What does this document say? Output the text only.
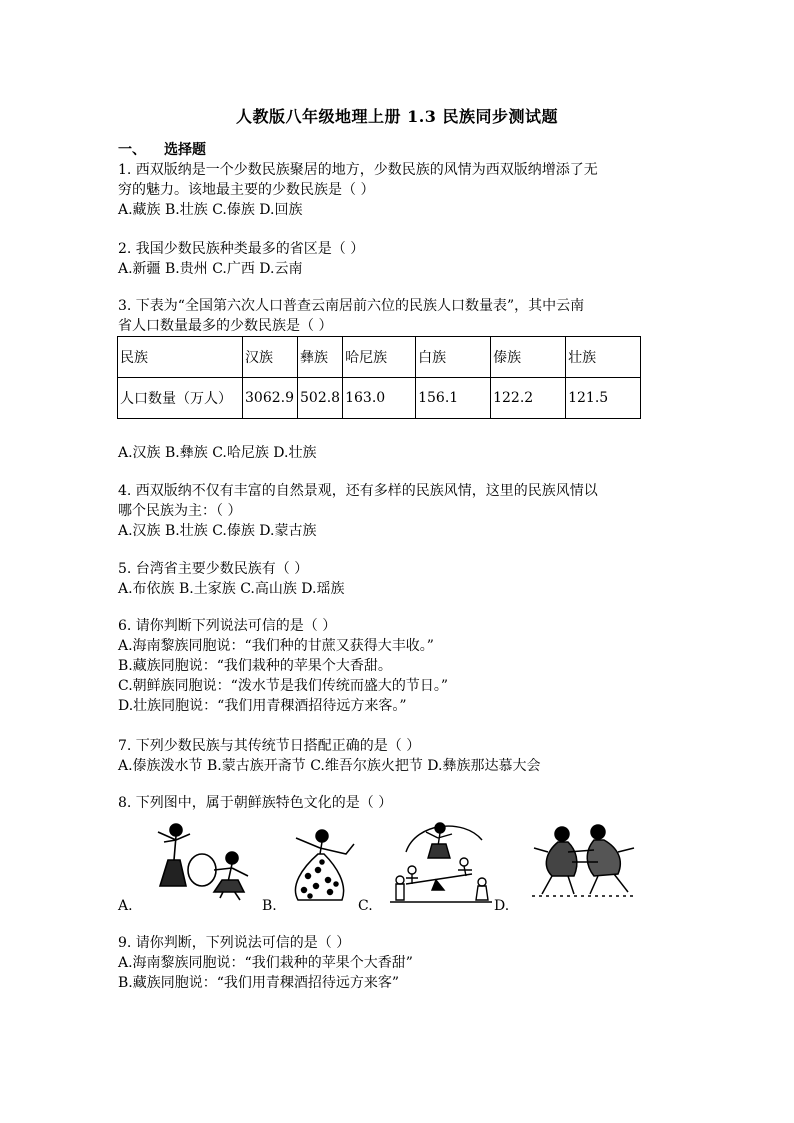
人教版八年级地理上册 1.3 民族同步测试题
一、 选择题

1. 西双版纳是一个少数民族聚居的地方，少数民族的风情为西双版纳增添了无

穷的魅力。该地最主要的少数民族是（ ）

A.藏族 B.壮族 C.傣族 D.回族

2. 我国少数民族种类最多的省区是（ ）

A.新疆 B.贵州 C.广西 D.云南

3. 下表为“全国第六次人口普查云南居前六位的民族人口数量表”，其中云南

省人口数量最多的少数民族是（ ）

民族	汉族	彝族	哈尼族	白族	傣族	壮族
人口数量（万人）	3062.9	502.8	163.0	156.1	122.2	121.5

A.汉族 B.彝族 C.哈尼族 D.壮族

4. 西双版纳不仅有丰富的自然景观，还有多样的民族风情，这里的民族风情以

哪个民族为主：（ ）

A.汉族 B.壮族 C.傣族 D.蒙古族

5. 台湾省主要少数民族有（ ）

A.布依族 B.土家族 C.高山族 D.瑶族

6. 请你判断下列说法可信的是（ ）

A.海南黎族同胞说：“我们种的甘蔗又获得大丰收。”

B.藏族同胞说：“我们栽种的苹果个大香甜。

C.朝鲜族同胞说：“泼水节是我们传统而盛大的节日。”

D.壮族同胞说：“我们用青稞酒招待远方来客。”

7. 下列少数民族与其传统节日搭配正确的是（ ）

A.傣族泼水节 B.蒙古族开斋节 C.维吾尔族火把节 D.彝族那达慕大会

8. 下列图中，属于朝鲜族特色文化的是（ ）

A.	B.	C.	D.

9. 请你判断，下列说法可信的是（ ）

A.海南黎族同胞说：“我们栽种的苹果个大香甜”

B.藏族同胞说：“我们用青稞酒招待远方来客”
